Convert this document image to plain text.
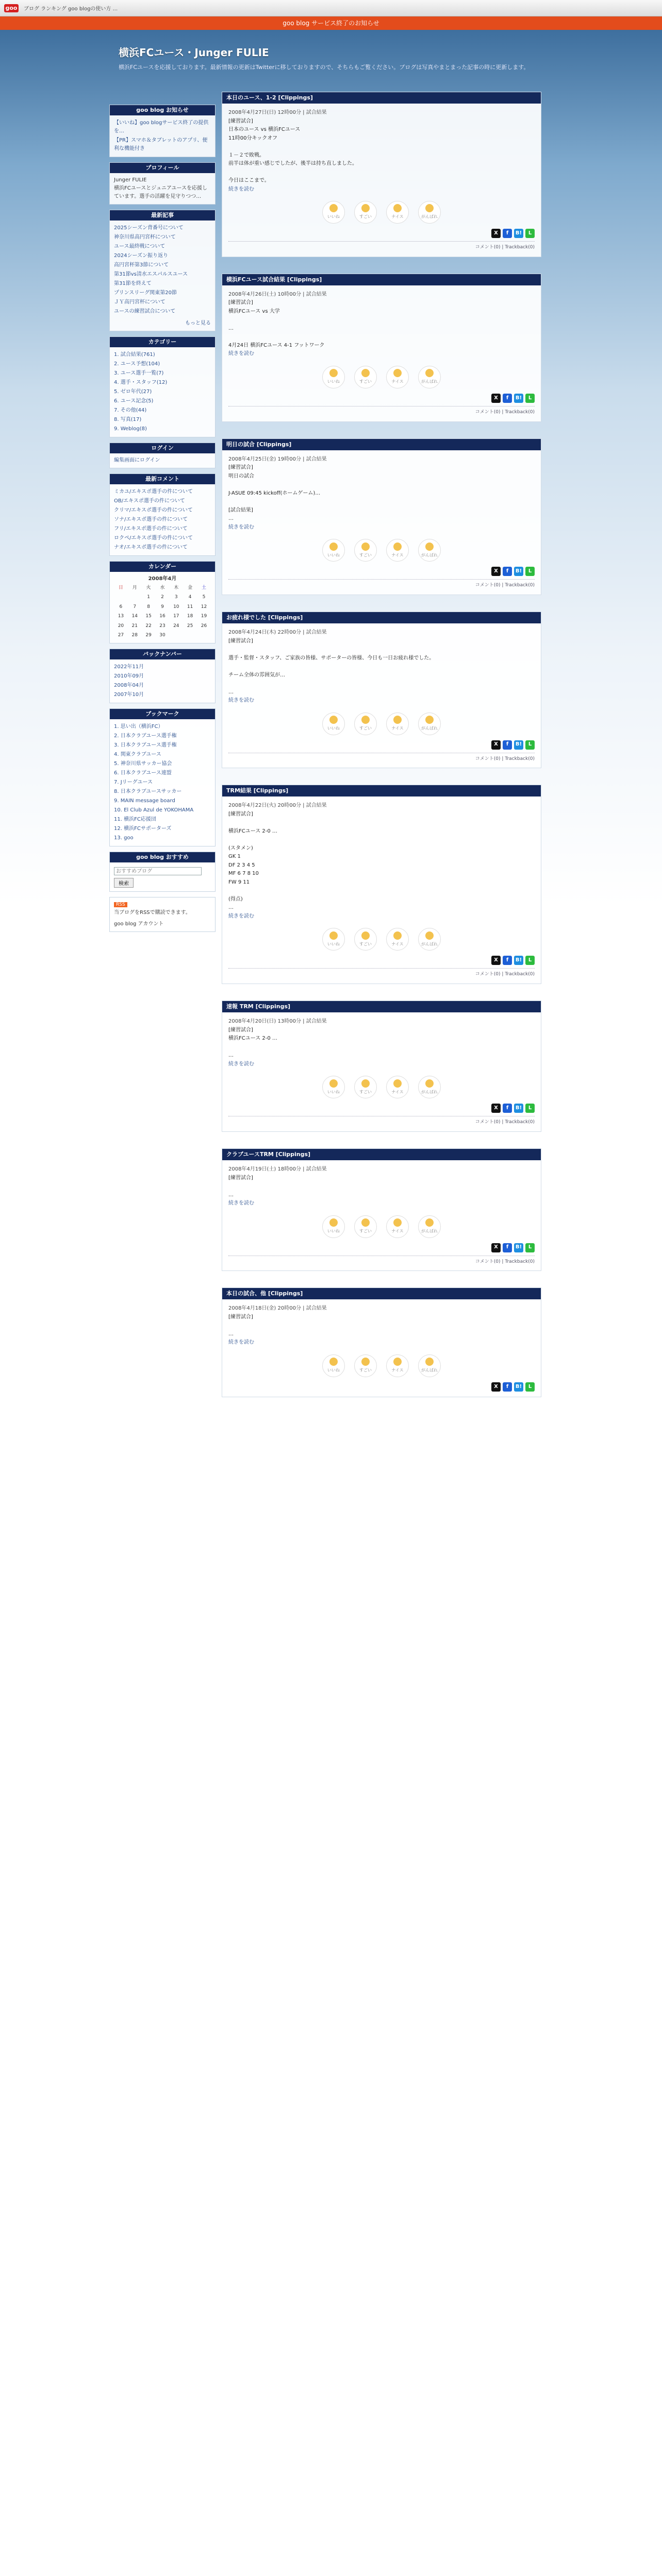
goo ブログ ランキング goo blogの使い方 ...
goo blog サービス終了のお知らせ
横浜FCユース・Junger FULIE
横浜FCユースを応援しております。最新情報の更新はTwitterに移しておりますので、そちらもご覧ください。ブログは写真やまとまった記事の時に更新します。
goo blog お知らせ
【いいね】goo blogサービス終了の提供を…
【PR】スマホ＆タブレットのアプリ、便利な機能付き
プロフィール
Junger FULIE
横浜FCユースとジュニアユースを応援しています。選手の活躍を見守りつつ…
最新記事
2025シーズン背番号について
神奈川県高円宮杯について
ユース最終戦について
2024シーズン振り返り
高円宮杯第3節について
第31節vs清水エスパルスユース
第31節を終えて
プリンスリーグ関東第20節
ＪＹ高円宮杯について
ユースの練習試合について
もっと見る
カテゴリー
1. 試合結果(761)
2. ユース予想(104)
3. ユース選手一覧(7)
4. 選手・スタッフ(12)
5. ゼロ年代(27)
6. ユース記念(5)
7. その他(44)
8. 写真(17)
9. Weblog(8)
ログイン
編集画面にログイン
最新コメント
ミカユ/エキスポ選手の件について
OB/エキスポ選手の件について
クリマ/エキスポ選手の件について
ソナ/エキスポ選手の件について
フリ/エキスポ選手の件について
ロクペ/エキスポ選手の件について
ナオ/エキスポ選手の件について
カレンダー
2008年4月
日	月	火	水	木	金	土
		1	2	3	4	5
6	7	8	9	10	11	12
13	14	15	16	17	18	19
20	21	22	23	24	25	26
27	28	29	30			
バックナンバー
2022年11月
2010年09月
2008年04月
2007年10月
ブックマーク
1. 思い出（横浜FC）
2. 日本クラブユース選手権
3. 日本クラブユース選手権
4. 関東クラブユース
5. 神奈川県サッカー協会
6. 日本クラブユース連盟
7. Jリーグユース
8. 日本クラブユースサッカー
9. MAIN message board
10. El Club Azul de YOKOHAMA
11. 横浜FC応援団
12. 横浜FCサポーターズ
13. goo
goo blog おすすめ
おすすめブログ 検索
RSS
当ブログをRSSで購読できます。
goo blog アカウント
本日のユース、1-2 [Clippings]
2008年4月27日(日) 12時00分 | 試合結果
[練習試合]
日本のユース vs 横浜FCユース
11時00分キックオフ

１－２で敗戦。
前半は体が重い感じでしたが、後半は持ち直しました。

今日はここまで。
続きを読む
いいね	すごい	ナイス	がんばれ
X	f	B!	L
コメント(0) | Trackback(0)
横浜FCユース試合結果 [Clippings]
2008年4月26日(土) 10時00分 | 試合結果
[練習試合]
横浜FCユース vs 大学

…

4月24日 横浜FCユース 4-1 フットワーク
続きを読む
いいね	すごい	ナイス	がんばれ
X	f	B!	L
コメント(0) | Trackback(0)
明日の試合 [Clippings]
2008年4月25日(金) 19時00分 | 試合結果
[練習試合]
明日の試合

J-ASUE 09:45 kickoff(ホームゲーム)…

[試合結果]
…
続きを読む
いいね	すごい	ナイス	がんばれ
X	f	B!	L
コメント(0) | Trackback(0)
お疲れ様でした [Clippings]
2008年4月24日(木) 22時00分 | 試合結果
[練習試合]

選手・監督・スタッフ、ご家族の皆様、サポーターの皆様、今日も一日お疲れ様でした。

チーム全体の雰囲気が…

…
続きを読む
いいね	すごい	ナイス	がんばれ
X	f	B!	L
コメント(0) | Trackback(0)
TRM結果 [Clippings]
2008年4月22日(火) 20時00分 | 試合結果
[練習試合]

横浜FCユース 2-0 …

(スタメン)
GK 1
DF 2 3 4 5
MF 6 7 8 10
FW 9 11

(得点)
…
続きを読む
いいね	すごい	ナイス	がんばれ
X	f	B!	L
コメント(0) | Trackback(0)
速報 TRM [Clippings]
2008年4月20日(日) 13時00分 | 試合結果
[練習試合]
横浜FCユース 2-0 …

…
続きを読む
いいね	すごい	ナイス	がんばれ
X	f	B!	L
コメント(0) | Trackback(0)
クラブユースTRM [Clippings]
2008年4月19日(土) 18時00分 | 試合結果
[練習試合]

…
続きを読む
いいね	すごい	ナイス	がんばれ
X	f	B!	L
コメント(0) | Trackback(0)
本日の試合、他 [Clippings]
2008年4月18日(金) 20時00分 | 試合結果
[練習試合]

…
続きを読む
いいね	すごい	ナイス	がんばれ
X	f	B!	L
